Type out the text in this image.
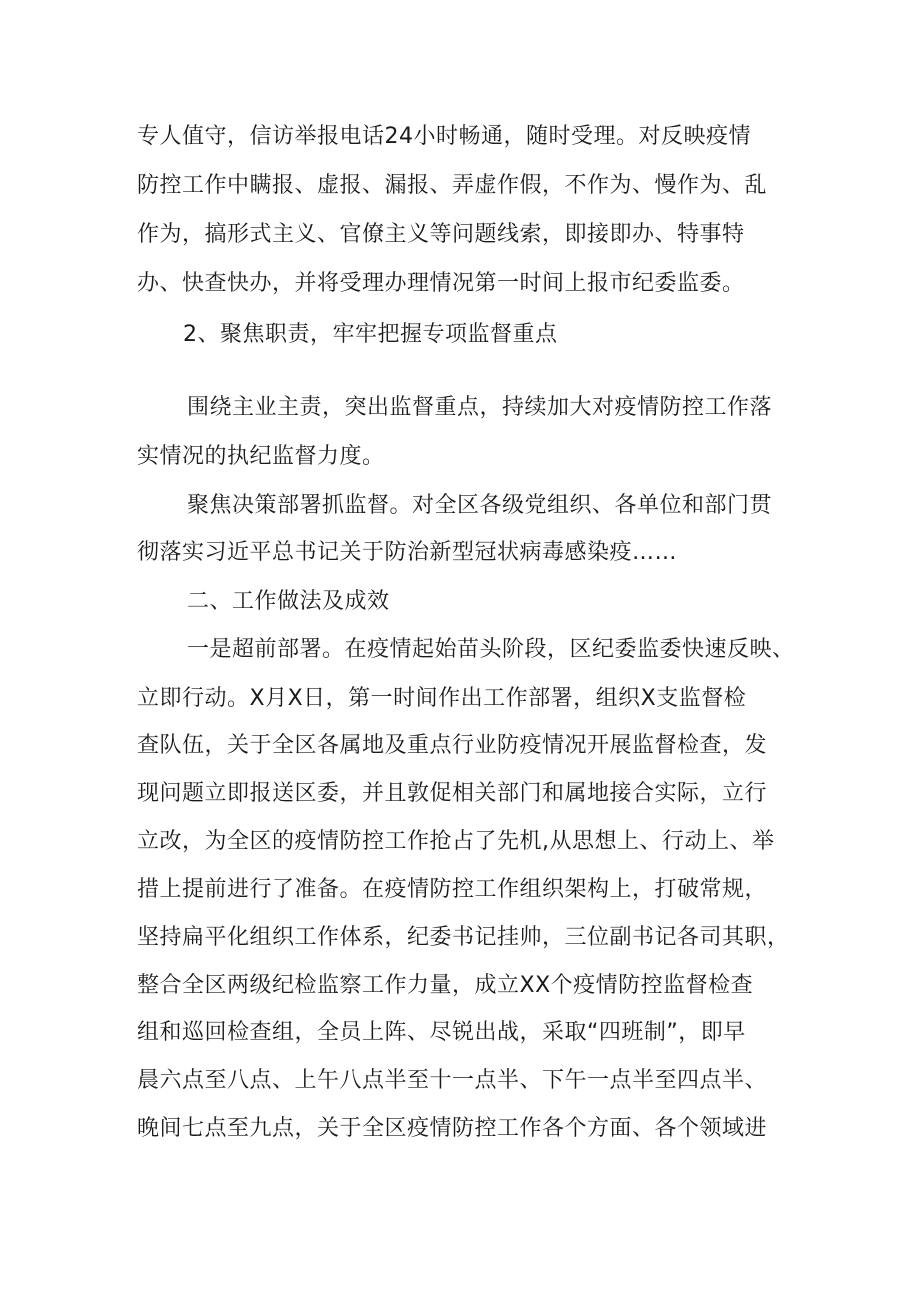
专人值守，信访举报电话24小时畅通，随时受理。对反映疫情
防控工作中瞒报、虚报、漏报、弄虚作假，不作为、慢作为、乱
作为，搞形式主义、官僚主义等问题线索，即接即办、特事特
办、快查快办，并将受理办理情况第一时间上报市纪委监委。
2、聚焦职责，牢牢把握专项监督重点
围绕主业主责，突出监督重点，持续加大对疫情防控工作落
实情况的执纪监督力度。
聚焦决策部署抓监督。对全区各级党组织、各单位和部门贯
彻落实习近平总书记关于防治新型冠状病毒感染疫……
二、工作做法及成效
一是超前部署。在疫情起始苗头阶段，区纪委监委快速反映、
立即行动。X月X日，第一时间作出工作部署，组织X支监督检
查队伍，关于全区各属地及重点行业防疫情况开展监督检查，发
现问题立即报送区委，并且敦促相关部门和属地接合实际，立行
立改，为全区的疫情防控工作抢占了先机,从思想上、行动上、举
措上提前进行了准备。在疫情防控工作组织架构上，打破常规，
坚持扁平化组织工作体系，纪委书记挂帅，三位副书记各司其职，
整合全区两级纪检监察工作力量，成立XX个疫情防控监督检查
组和巡回检查组，全员上阵、尽锐出战，采取“四班制”，即早
晨六点至八点、上午八点半至十一点半、下午一点半至四点半、
晚间七点至九点，关于全区疫情防控工作各个方面、各个领域进
